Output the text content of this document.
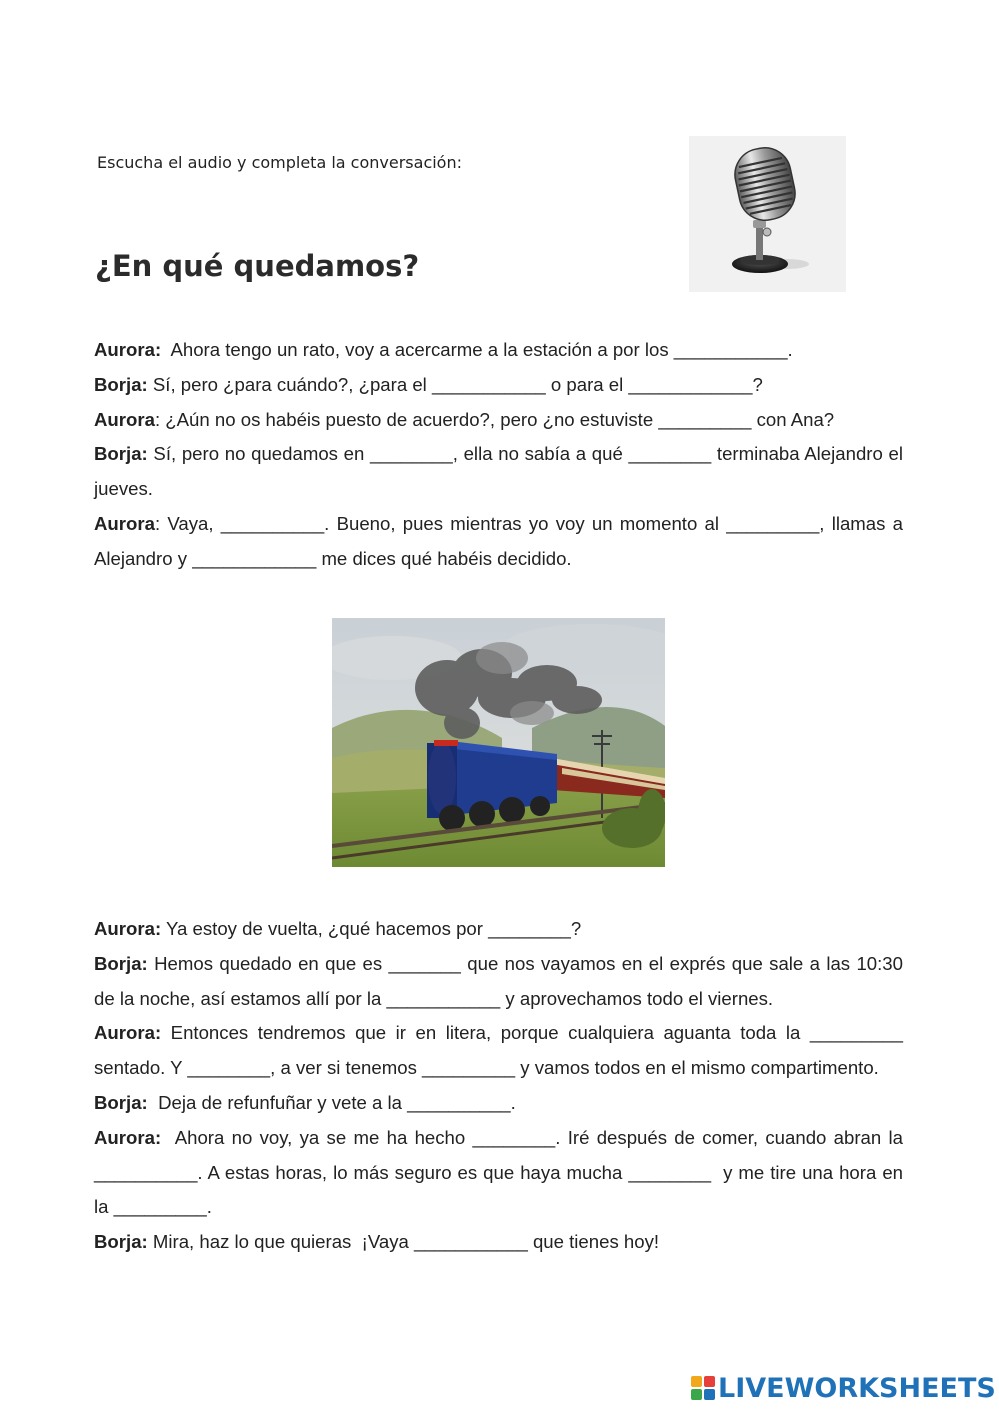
Escucha el audio y completa la conversación:
¿En qué quedamos?

Aurora:  Ahora tengo un rato, voy a acercarme a la estación a por los ___________.

Borja: Sí, pero ¿para cuándo?, ¿para el ___________ o para el ____________?

Aurora: ¿Aún no os habéis puesto de acuerdo?, pero ¿no estuviste _________ con Ana?

Borja: Sí, pero no quedamos en ________, ella no sabía a qué ________ terminaba Alejandro el jueves.

Aurora: Vaya, __________. Bueno, pues mientras yo voy un momento al _________, llamas a Alejandro y ____________ me dices qué habéis decidido.

Aurora: Ya estoy de vuelta, ¿qué hacemos por ________?

Borja: Hemos quedado en que es _______ que nos vayamos en el exprés que sale a las 10:30 de la noche, así estamos allí por la ___________ y aprovechamos todo el viernes.

Aurora: Entonces tendremos que ir en litera, porque cualquiera aguanta toda la _________ sentado. Y ________, a ver si tenemos _________ y vamos todos en el mismo compartimento.

Borja:  Deja de refunfuñar y vete a la __________.

Aurora:  Ahora no voy, ya se me ha hecho ________. Iré después de comer, cuando abran la __________. A estas horas, lo más seguro es que haya mucha ________  y me tire una hora en la _________.

Borja: Mira, haz lo que quieras  ¡Vaya ___________ que tienes hoy!

LIVEWORKSHEETS
